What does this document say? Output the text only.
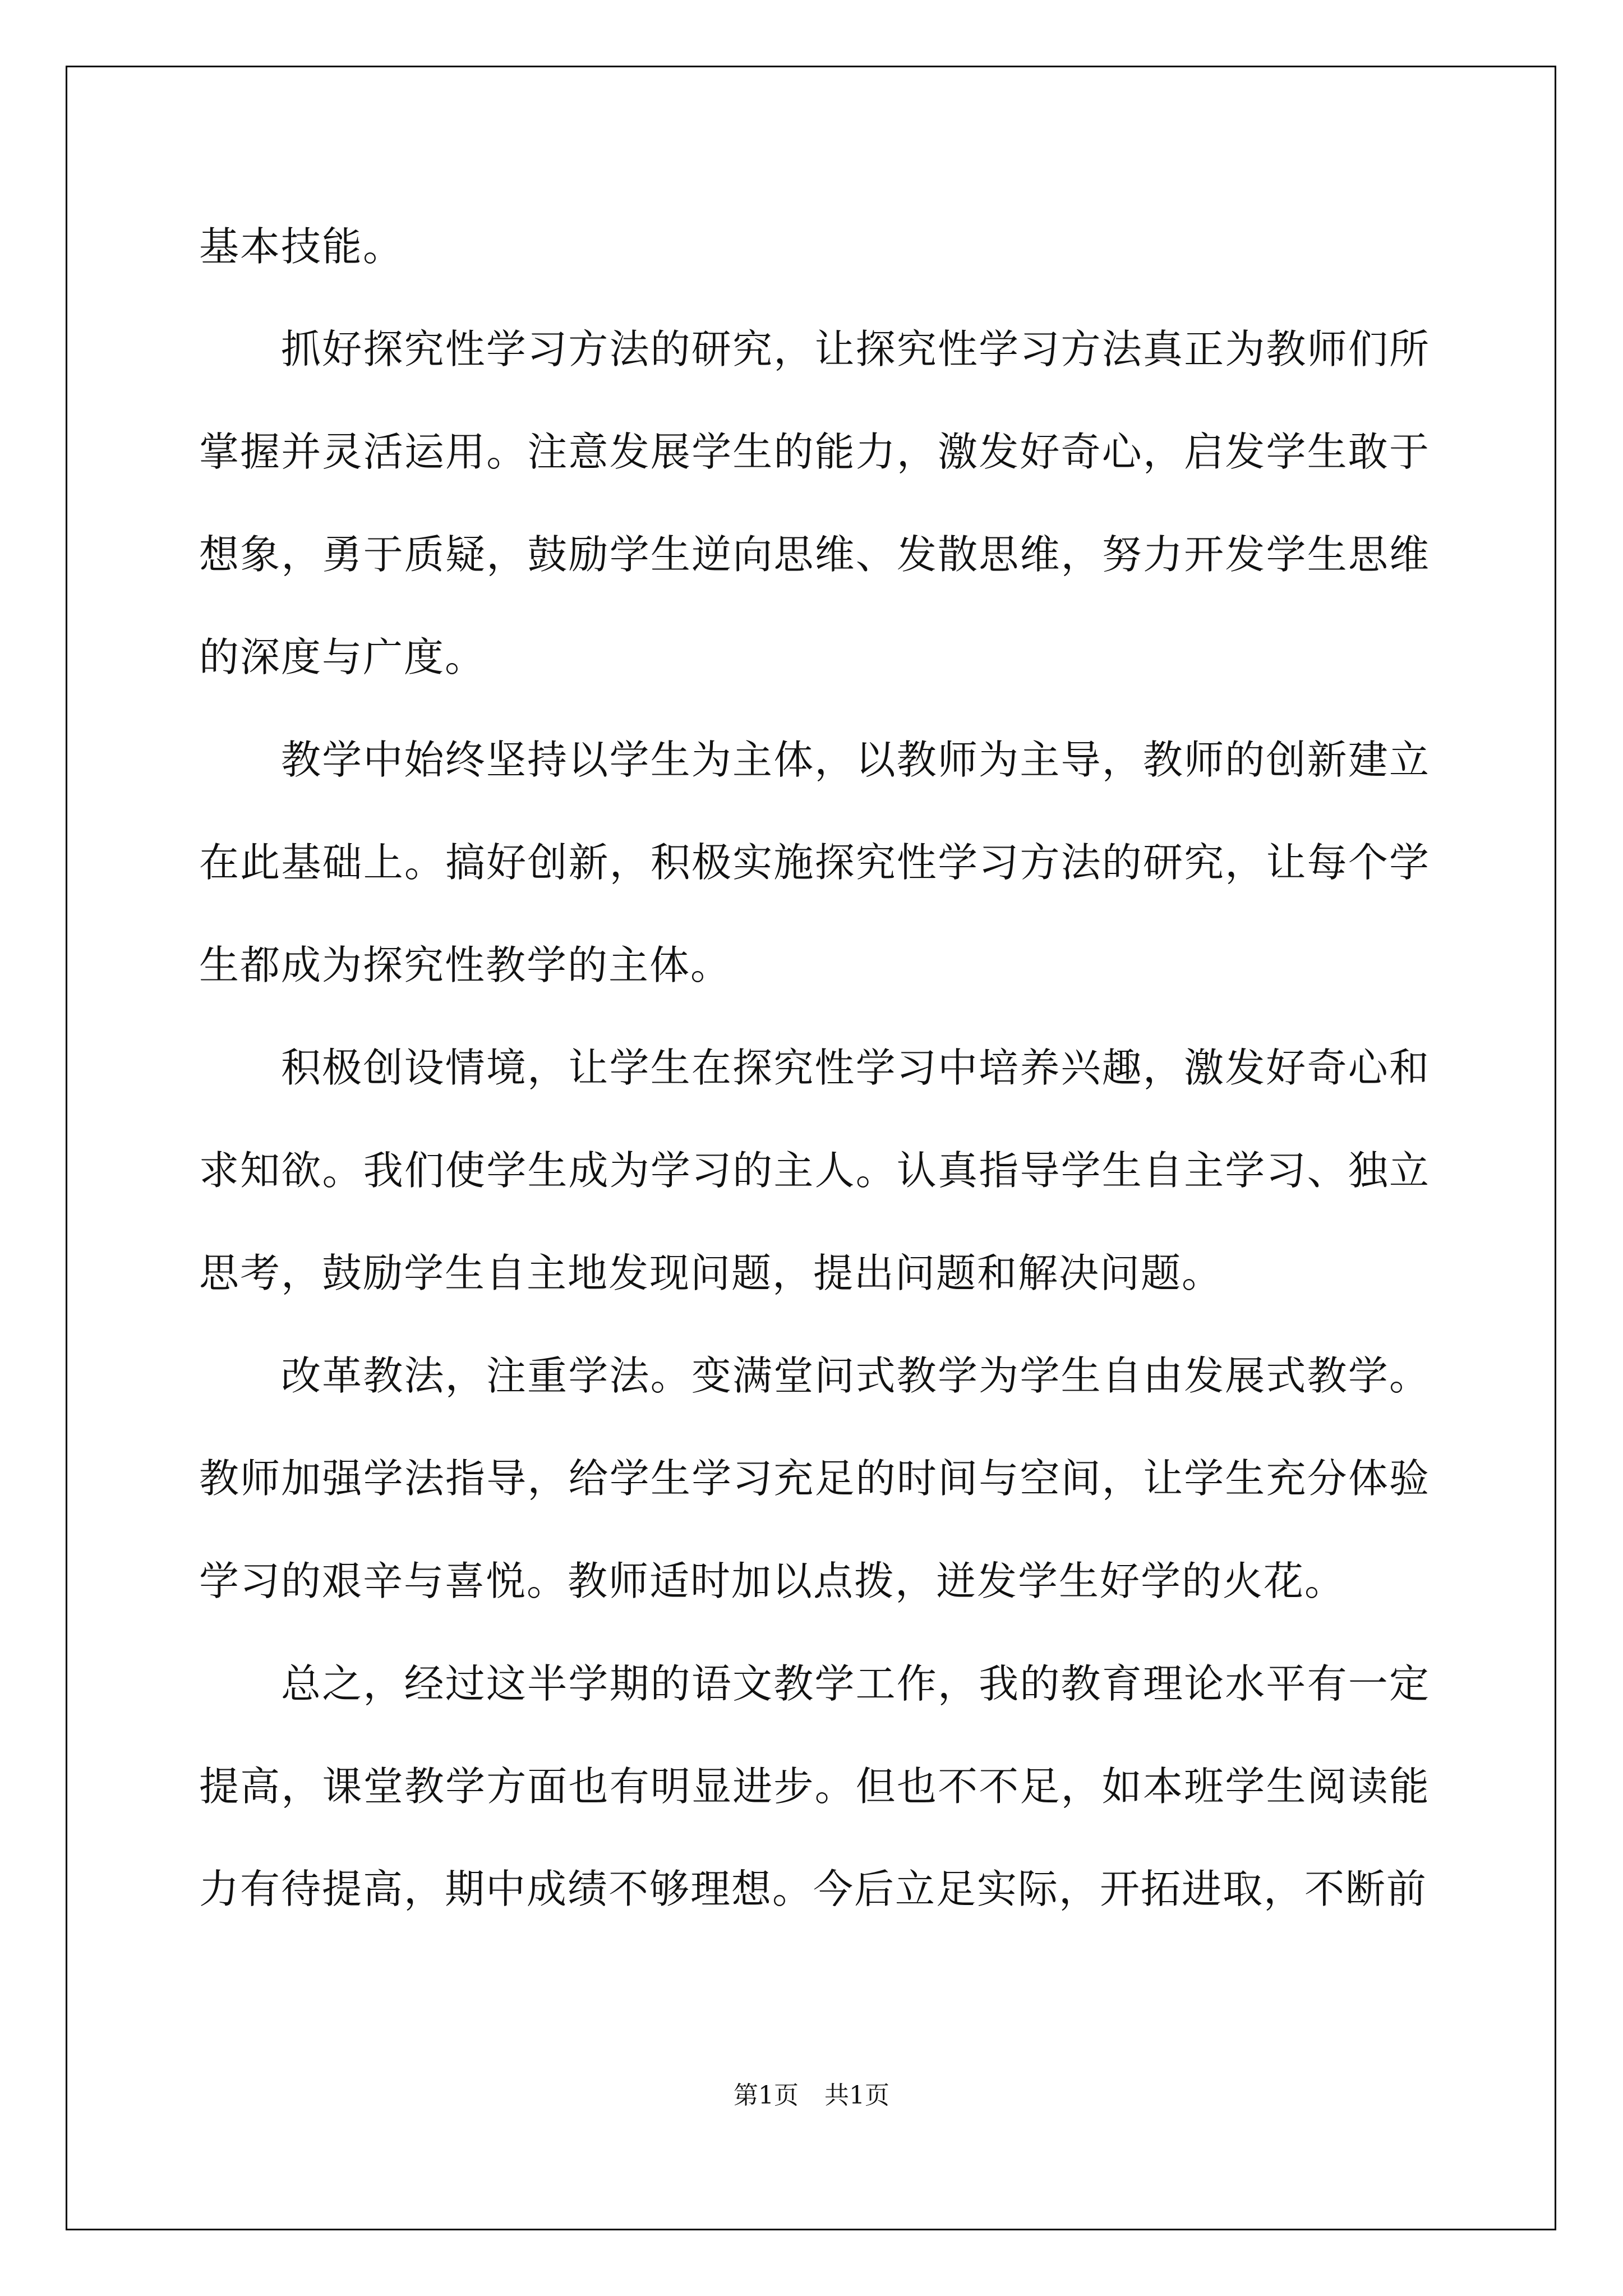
基本技能。

抓好探究性学习方法的研究，让探究性学习方法真正为教师们所掌握并灵活运用。注意发展学生的能力，激发好奇心，启发学生敢于想象，勇于质疑，鼓励学生逆向思维、发散思维，努力开发学生思维的深度与广度。

教学中始终坚持以学生为主体，以教师为主导，教师的创新建立在此基础上。搞好创新，积极实施探究性学习方法的研究，让每个学生都成为探究性教学的主体。

积极创设情境，让学生在探究性学习中培养兴趣，激发好奇心和求知欲。我们使学生成为学习的主人。认真指导学生自主学习、独立思考，鼓励学生自主地发现问题，提出问题和解决问题。

改革教法，注重学法。变满堂问式教学为学生自由发展式教学。教师加强学法指导，给学生学习充足的时间与空间，让学生充分体验学习的艰辛与喜悦。教师适时加以点拨，迸发学生好学的火花。

总之，经过这半学期的语文教学工作，我的教育理论水平有一定提高，课堂教学方面也有明显进步。但也不不足，如本班学生阅读能力有待提高，期中成绩不够理想。今后立足实际，开拓进取，不断前

第1页 共1页
